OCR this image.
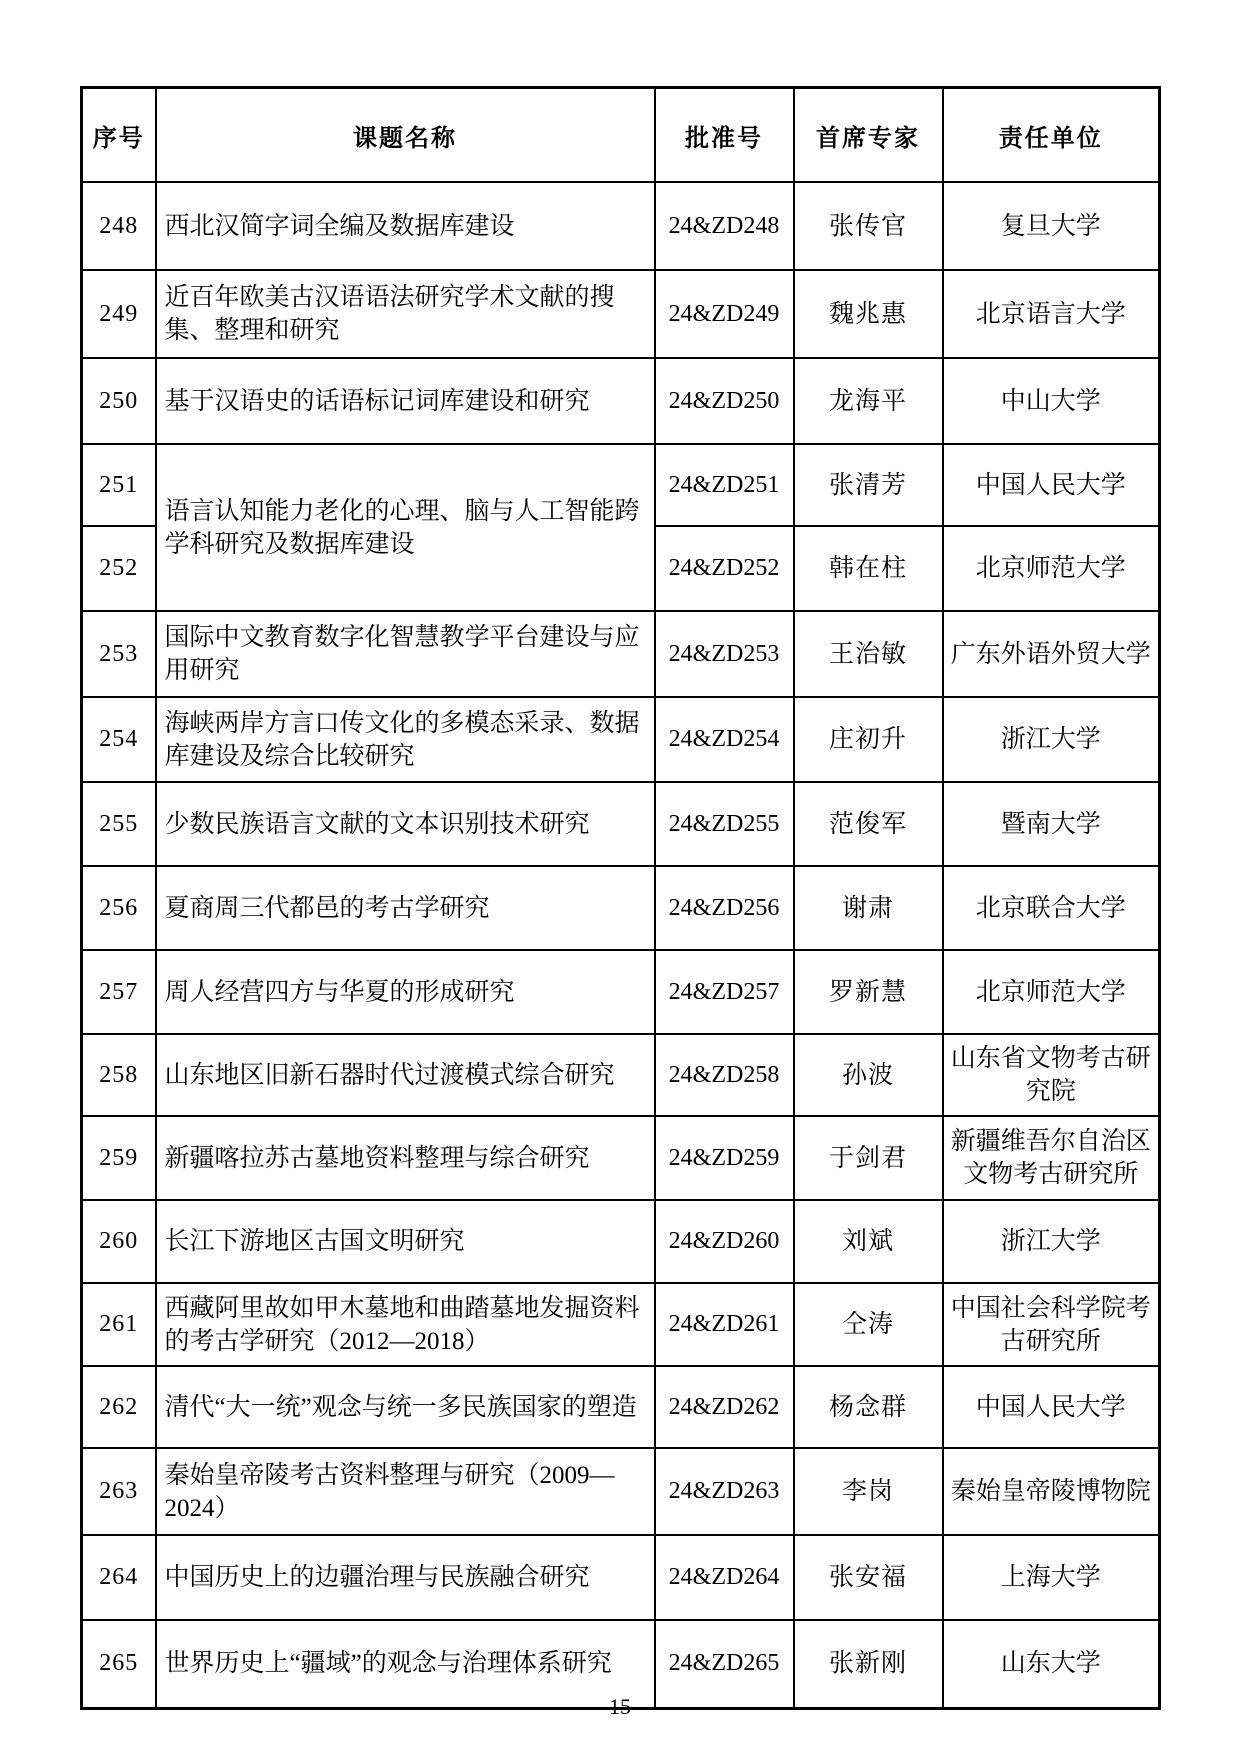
序号	课题名称	批准号	首席专家	责任单位
248	西北汉简字词全编及数据库建设	24&ZD248	张传官	复旦大学
249	近百年欧美古汉语语法研究学术文献的搜集、整理和研究	24&ZD249	魏兆惠	北京语言大学
250	基于汉语史的话语标记词库建设和研究	24&ZD250	龙海平	中山大学
251	语言认知能力老化的心理、脑与人工智能跨学科研究及数据库建设	24&ZD251	张清芳	中国人民大学
252		24&ZD252	韩在柱	北京师范大学
253	国际中文教育数字化智慧教学平台建设与应用研究	24&ZD253	王治敏	广东外语外贸大学
254	海峡两岸方言口传文化的多模态采录、数据库建设及综合比较研究	24&ZD254	庄初升	浙江大学
255	少数民族语言文献的文本识别技术研究	24&ZD255	范俊军	暨南大学
256	夏商周三代都邑的考古学研究	24&ZD256	谢肃	北京联合大学
257	周人经营四方与华夏的形成研究	24&ZD257	罗新慧	北京师范大学
258	山东地区旧新石器时代过渡模式综合研究	24&ZD258	孙波	山东省文物考古研究院
259	新疆喀拉苏古墓地资料整理与综合研究	24&ZD259	于剑君	新疆维吾尔自治区文物考古研究所
260	长江下游地区古国文明研究	24&ZD260	刘斌	浙江大学
261	西藏阿里故如甲木墓地和曲踏墓地发掘资料的考古学研究（2012—2018）	24&ZD261	仝涛	中国社会科学院考古研究所
262	清代“大一统”观念与统一多民族国家的塑造	24&ZD262	杨念群	中国人民大学
263	秦始皇帝陵考古资料整理与研究（2009—2024）	24&ZD263	李岗	秦始皇帝陵博物院
264	中国历史上的边疆治理与民族融合研究	24&ZD264	张安福	上海大学
265	世界历史上“疆域”的观念与治理体系研究	24&ZD265	张新刚	山东大学
15
